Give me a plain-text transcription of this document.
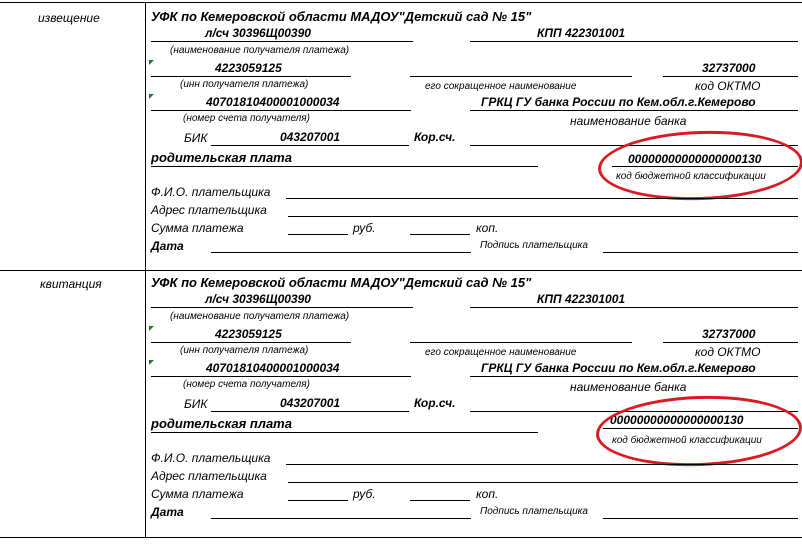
извещение	УФК по Кемеровской области МАДОУ"Детский сад № 15"
л/сч 30396Щ00390	КПП 422301001
(наименование получателя платежа)
4223059125	32737000
(инн получателя платежа)	его сокращенное наименование	код ОКТМО
40701810400001000034	ГРКЦ ГУ банка России по Кем.обл.г.Кемерово
(номер счета получателя)	наименование банка
БИК	043207001	Кор.сч.
родительская плата	00000000000000000130
код бюджетной классификации
Ф.И.О. плательщика
Адрес плательщика
Сумма платежа	руб.	коп.
Дата	Подпись плательщика
квитанция	УФК по Кемеровской области МАДОУ"Детский сад № 15"
л/сч 30396Щ00390	КПП 422301001
(наименование получателя платежа)
4223059125	32737000
(инн получателя платежа)	его сокращенное наименование	код ОКТМО
40701810400001000034	ГРКЦ ГУ банка России по Кем.обл.г.Кемерово
(номер счета получателя)	наименование банка
БИК	043207001	Кор.сч.
родительская плата	00000000000000000130
код бюджетной классификации
Ф.И.О. плательщика
Адрес плательщика
Сумма платежа	руб.	коп.
Дата	Подпись плательщика
